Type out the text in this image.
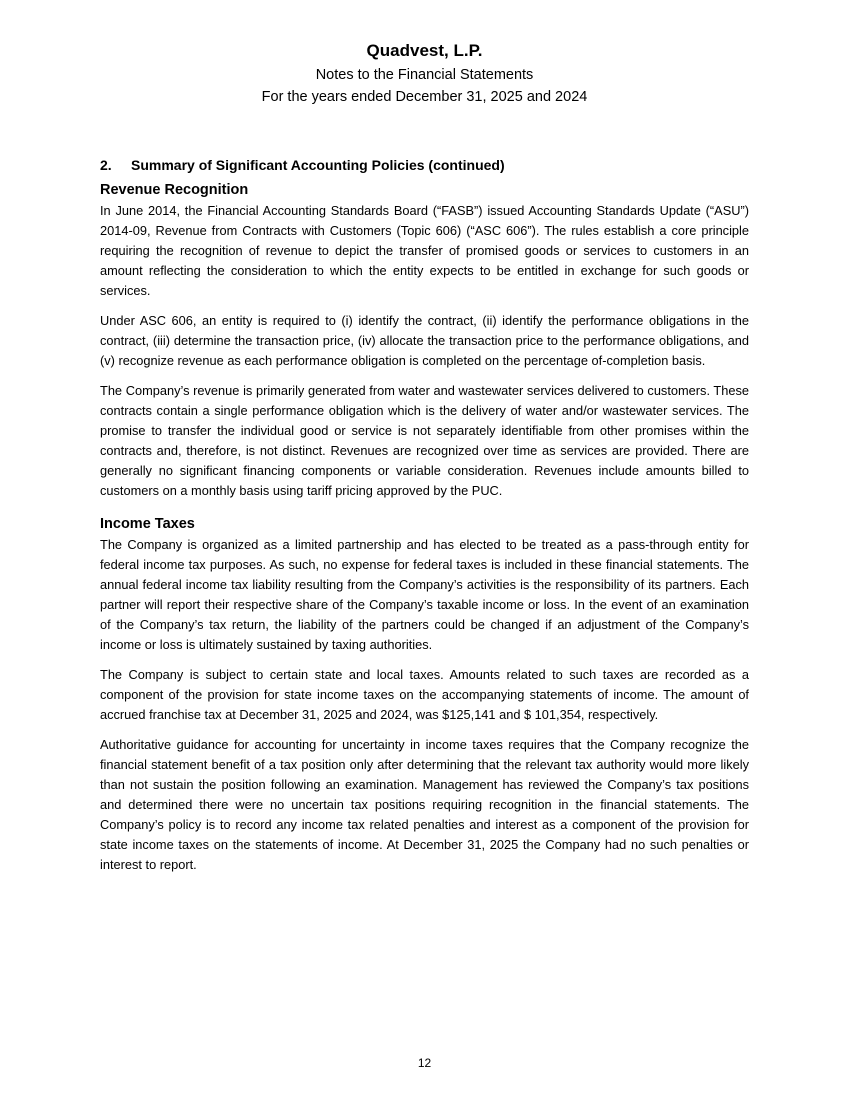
Quadvest, L.P.
Notes to the Financial Statements
For the years ended December 31, 2025 and 2024
2. Summary of Significant Accounting Policies (continued)
Revenue Recognition

In June 2014, the Financial Accounting Standards Board (“FASB”) issued Accounting Standards Update (“ASU”) 2014-09, Revenue from Contracts with Customers (Topic 606) (“ASC 606”). The rules establish a core principle requiring the recognition of revenue to depict the transfer of promised goods or services to customers in an amount reflecting the consideration to which the entity expects to be entitled in exchange for such goods or services.

Under ASC 606, an entity is required to (i) identify the contract, (ii) identify the performance obligations in the contract, (iii) determine the transaction price, (iv) allocate the transaction price to the performance obligations, and (v) recognize revenue as each performance obligation is completed on the percentage of-completion basis.

The Company’s revenue is primarily generated from water and wastewater services delivered to customers. These contracts contain a single performance obligation which is the delivery of water and/or wastewater services. The promise to transfer the individual good or service is not separately identifiable from other promises within the contracts and, therefore, is not distinct. Revenues are recognized over time as services are provided. There are generally no significant financing components or variable consideration. Revenues include amounts billed to customers on a monthly basis using tariff pricing approved by the PUC.

Income Taxes

The Company is organized as a limited partnership and has elected to be treated as a pass-through entity for federal income tax purposes. As such, no expense for federal taxes is included in these financial statements. The annual federal income tax liability resulting from the Company’s activities is the responsibility of its partners. Each partner will report their respective share of the Company’s taxable income or loss. In the event of an examination of the Company’s tax return, the liability of the partners could be changed if an adjustment of the Company’s income or loss is ultimately sustained by taxing authorities.

The Company is subject to certain state and local taxes. Amounts related to such taxes are recorded as a component of the provision for state income taxes on the accompanying statements of income. The amount of accrued franchise tax at December 31, 2025 and 2024, was $125,141 and $ 101,354, respectively.

Authoritative guidance for accounting for uncertainty in income taxes requires that the Company recognize the financial statement benefit of a tax position only after determining that the relevant tax authority would more likely than not sustain the position following an examination. Management has reviewed the Company’s tax positions and determined there were no uncertain tax positions requiring recognition in the financial statements. The Company’s policy is to record any income tax related penalties and interest as a component of the provision for state income taxes on the statements of income. At December 31, 2025 the Company had no such penalties or interest to report.

12
